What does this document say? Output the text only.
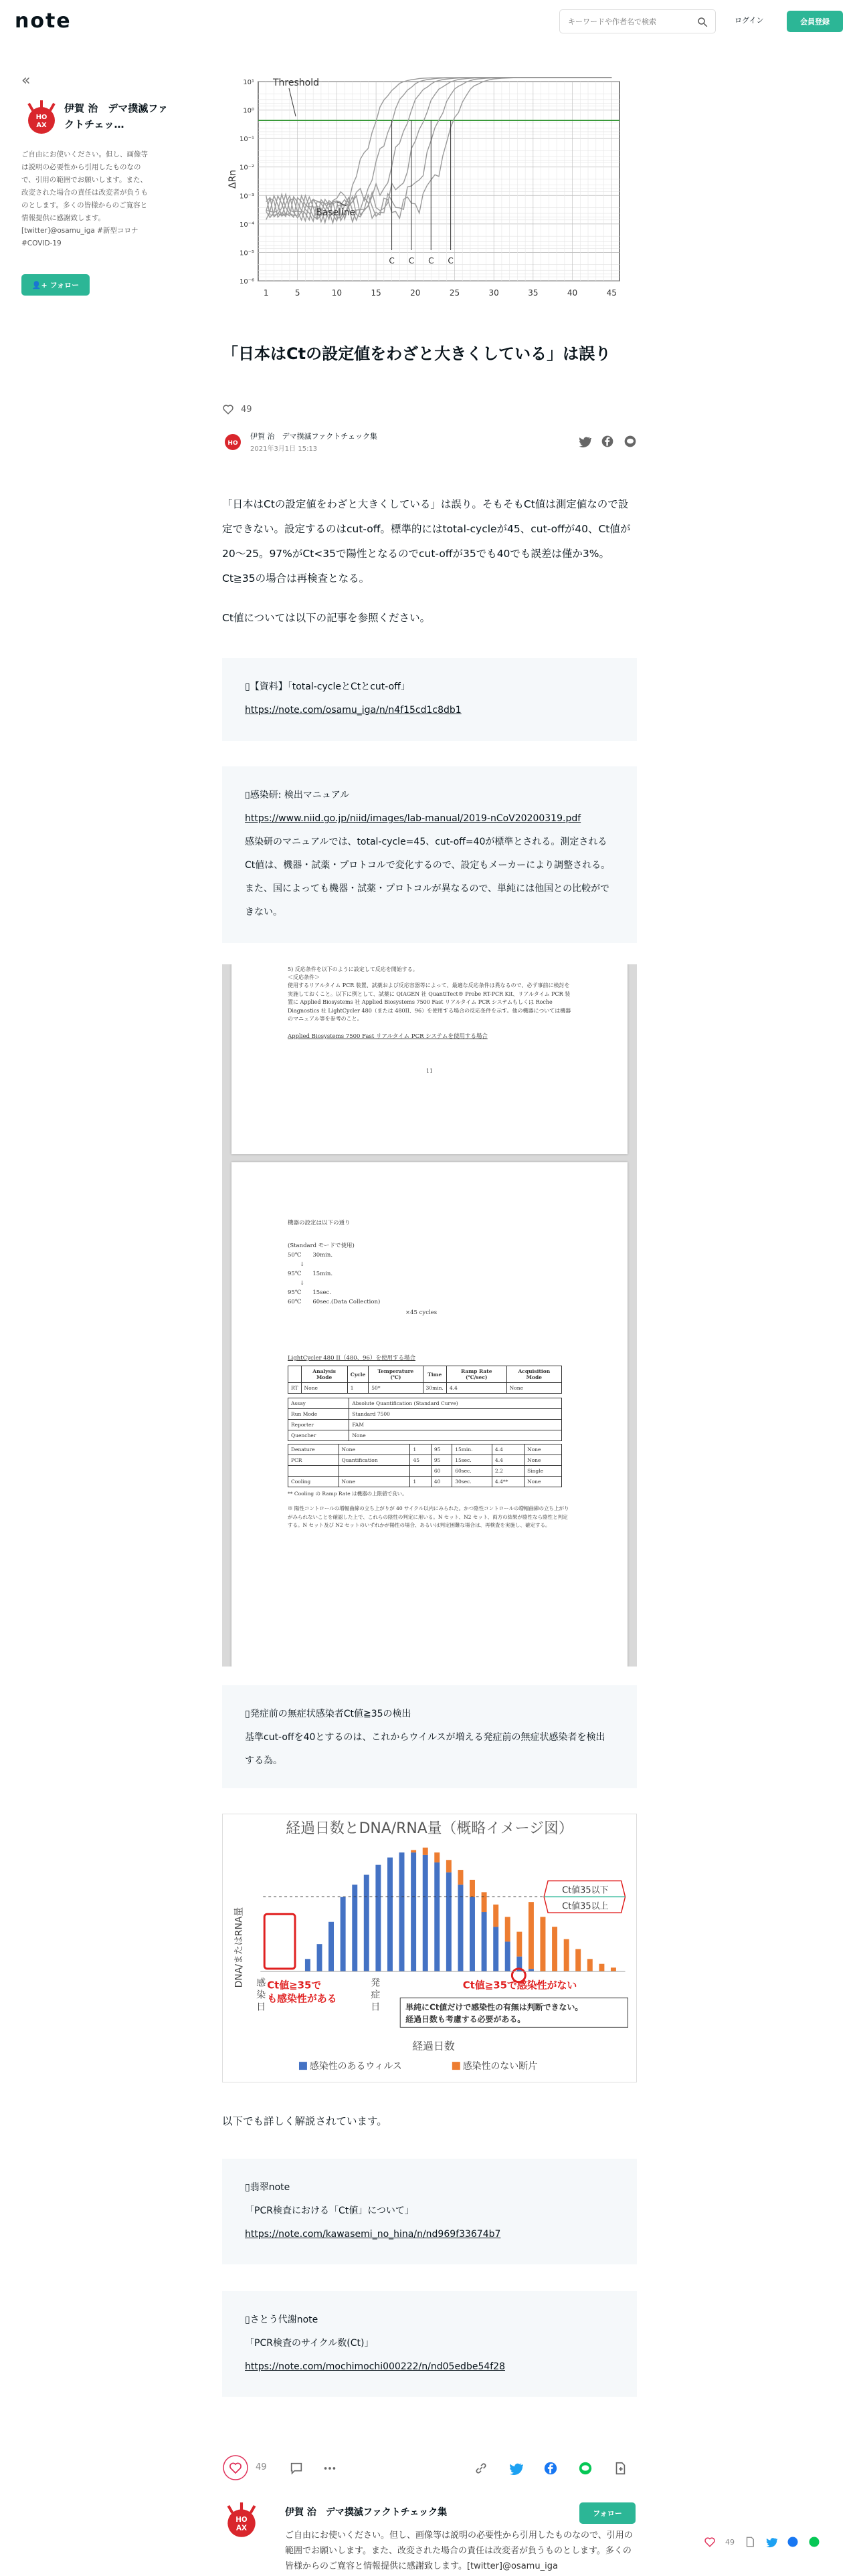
note
キーワードや作者名で検索	ログイン	会員登録
«
HO
AX
伊賀 治　デマ撲滅ファクトチェッ…
ご自由にお使いください。但し、画像等は説明の必要性から引用したものなので、引用の範囲でお願いします。また、改変された場合の責任は改変者が負うものとします。多くの皆様からのご寛容と情報提供に感謝致します。[twitter]@osamu_iga #新型コロナ #COVID-19
👤+ フォロー
10¹
10⁰
10⁻¹
10⁻²
10⁻³
10⁻⁴
10⁻⁵
10⁻⁶
1	5	10	15	20	25	30	35	40	45
ΔRn
Threshold
Baseline
C C C C
「日本はCtの設定値をわざと大きくしている」は誤り
49
HO
伊賀 治　デマ撲滅ファクトチェック集
2021年3月1日 15:13
「日本はCtの設定値をわざと大きくしている」は誤り。そもそもCt値は測定値なので設定できない。設定するのはcut-off。標準的にはtotal-cycleが45、cut-offが40、Ct値が20〜25。97%がCt<35で陽性となるのでcut-offが35でも40でも誤差は僅か3%。Ct≧35の場合は再検査となる。
Ct値については以下の記事を参照ください。
▯【資料】「total-cycleとCtとcut-off」
https://note.com/osamu_iga/n/n4f15cd1c8db1
▯感染研: 検出マニュアル
https://www.niid.go.jp/niid/images/lab-manual/2019-nCoV20200319.pdf
感染研のマニュアルでは、total-cycle=45、cut-off=40が標準とされる。測定されるCt値は、機器・試薬・プロトコルで変化するので、設定もメーカーにより調整される。また、国によっても機器・試薬・プロトコルが異なるので、単純には他国との比較ができない。
5) 反応条件を以下のように設定して反応を開始する。
＜反応条件＞
使用するリアルタイム PCR 装置、試薬および反応容器等によって、最適な反応条件は異なるので、必ず事前に検討を実施しておくこと。以下に例として、試薬に QIAGEN 社 QuantiTect® Probe RT-PCR Kit、リアルタイム PCR 装置に Applied Biosystems 社 Applied Biosystems 7500 Fast リアルタイム PCR システムもしくは Roche Diagnostics 社 LightCycler 480（または 480II、96）を使用する場合の反応条件を示す。他の機器については機器のマニュアル等を参考のこと。
Applied Biosystems 7500 Fast リアルタイム PCR システムを使用する場合
11
機器の設定は以下の通り
(Standard モードで使用)
50℃　　30min.
↓
95℃　　15min.
↓
95℃　　15sec.
60℃　　60sec.(Data Collection)
×45 cycles
LightCycler 480 II（480、96）を使用する場合
	Analysis Mode	Cycle	Temperature (℃)	Time	Ramp Rate (℃/sec)	Acquisition Mode
RT	None	1	50*	30min.	4.4	None
Assay	Absolute Quantification (Standard Curve)
Run Mode	Standard 7500
Reporter	FAM
Quencher	None
Denature	None	1	95	15min.	4.4	None
PCR	Quantification	45	95	15sec.	4.4	None
			60	60sec.	2.2	Single
Cooling	None	1	40	30sec.	4.4**	None
** Cooling の Ramp Rate は機器の上限値で良い。
※ 陽性コントロールの増幅曲線の立ち上がりが 40 サイクル以内にみられた。かつ陰性コントロールの増幅曲線の立ち上がりがみられないことを確認した上で、これらの陰性の判定に用いる。N セット、N2 セット、両方の結果が陰性なら陰性と判定する。N セット及び N2 セットのいずれかが陽性の場合、あるいは判定困難な場合は、再検査を実施し、確定する。
▯発症前の無症状感染者Ct値≧35の検出
基準cut-offを40とするのは、これからウイルスが増える発症前の無症状感染者を検出する為。
経過日数とDNA/RNA量（概略イメージ図）
DNA/またはRNA量
Ct値35以下
Ct値35以上
感染日
発症日
Ct値≧35で も感染性がある
Ct値≧35で感染性がない
単純にCt値だけで感染性の有無は判断できない。 経過日数も考慮する必要がある。
経過日数
感染性のあるウィルス	感染性のない断片
以下でも詳しく解説されています。
▯翡翠note
「PCR検査における「Ct値」について」
https://note.com/kawasemi_no_hina/n/nd969f33674b7
▯さとう代謝note
「PCR検査のサイクル数(Ct)」
https://note.com/mochimochi000222/n/nd05edbe54f28
49
HO
AX
伊賀 治　デマ撲滅ファクトチェック集	フォロー
ご自由にお使いください。但し、画像等は説明の必要性から引用したものなので、引用の範囲でお願いします。また、改変された場合の責任は改変者が負うものとします。多くの皆様からのご寛容と情報提供に感謝致します。[twitter]@osamu_iga
49
